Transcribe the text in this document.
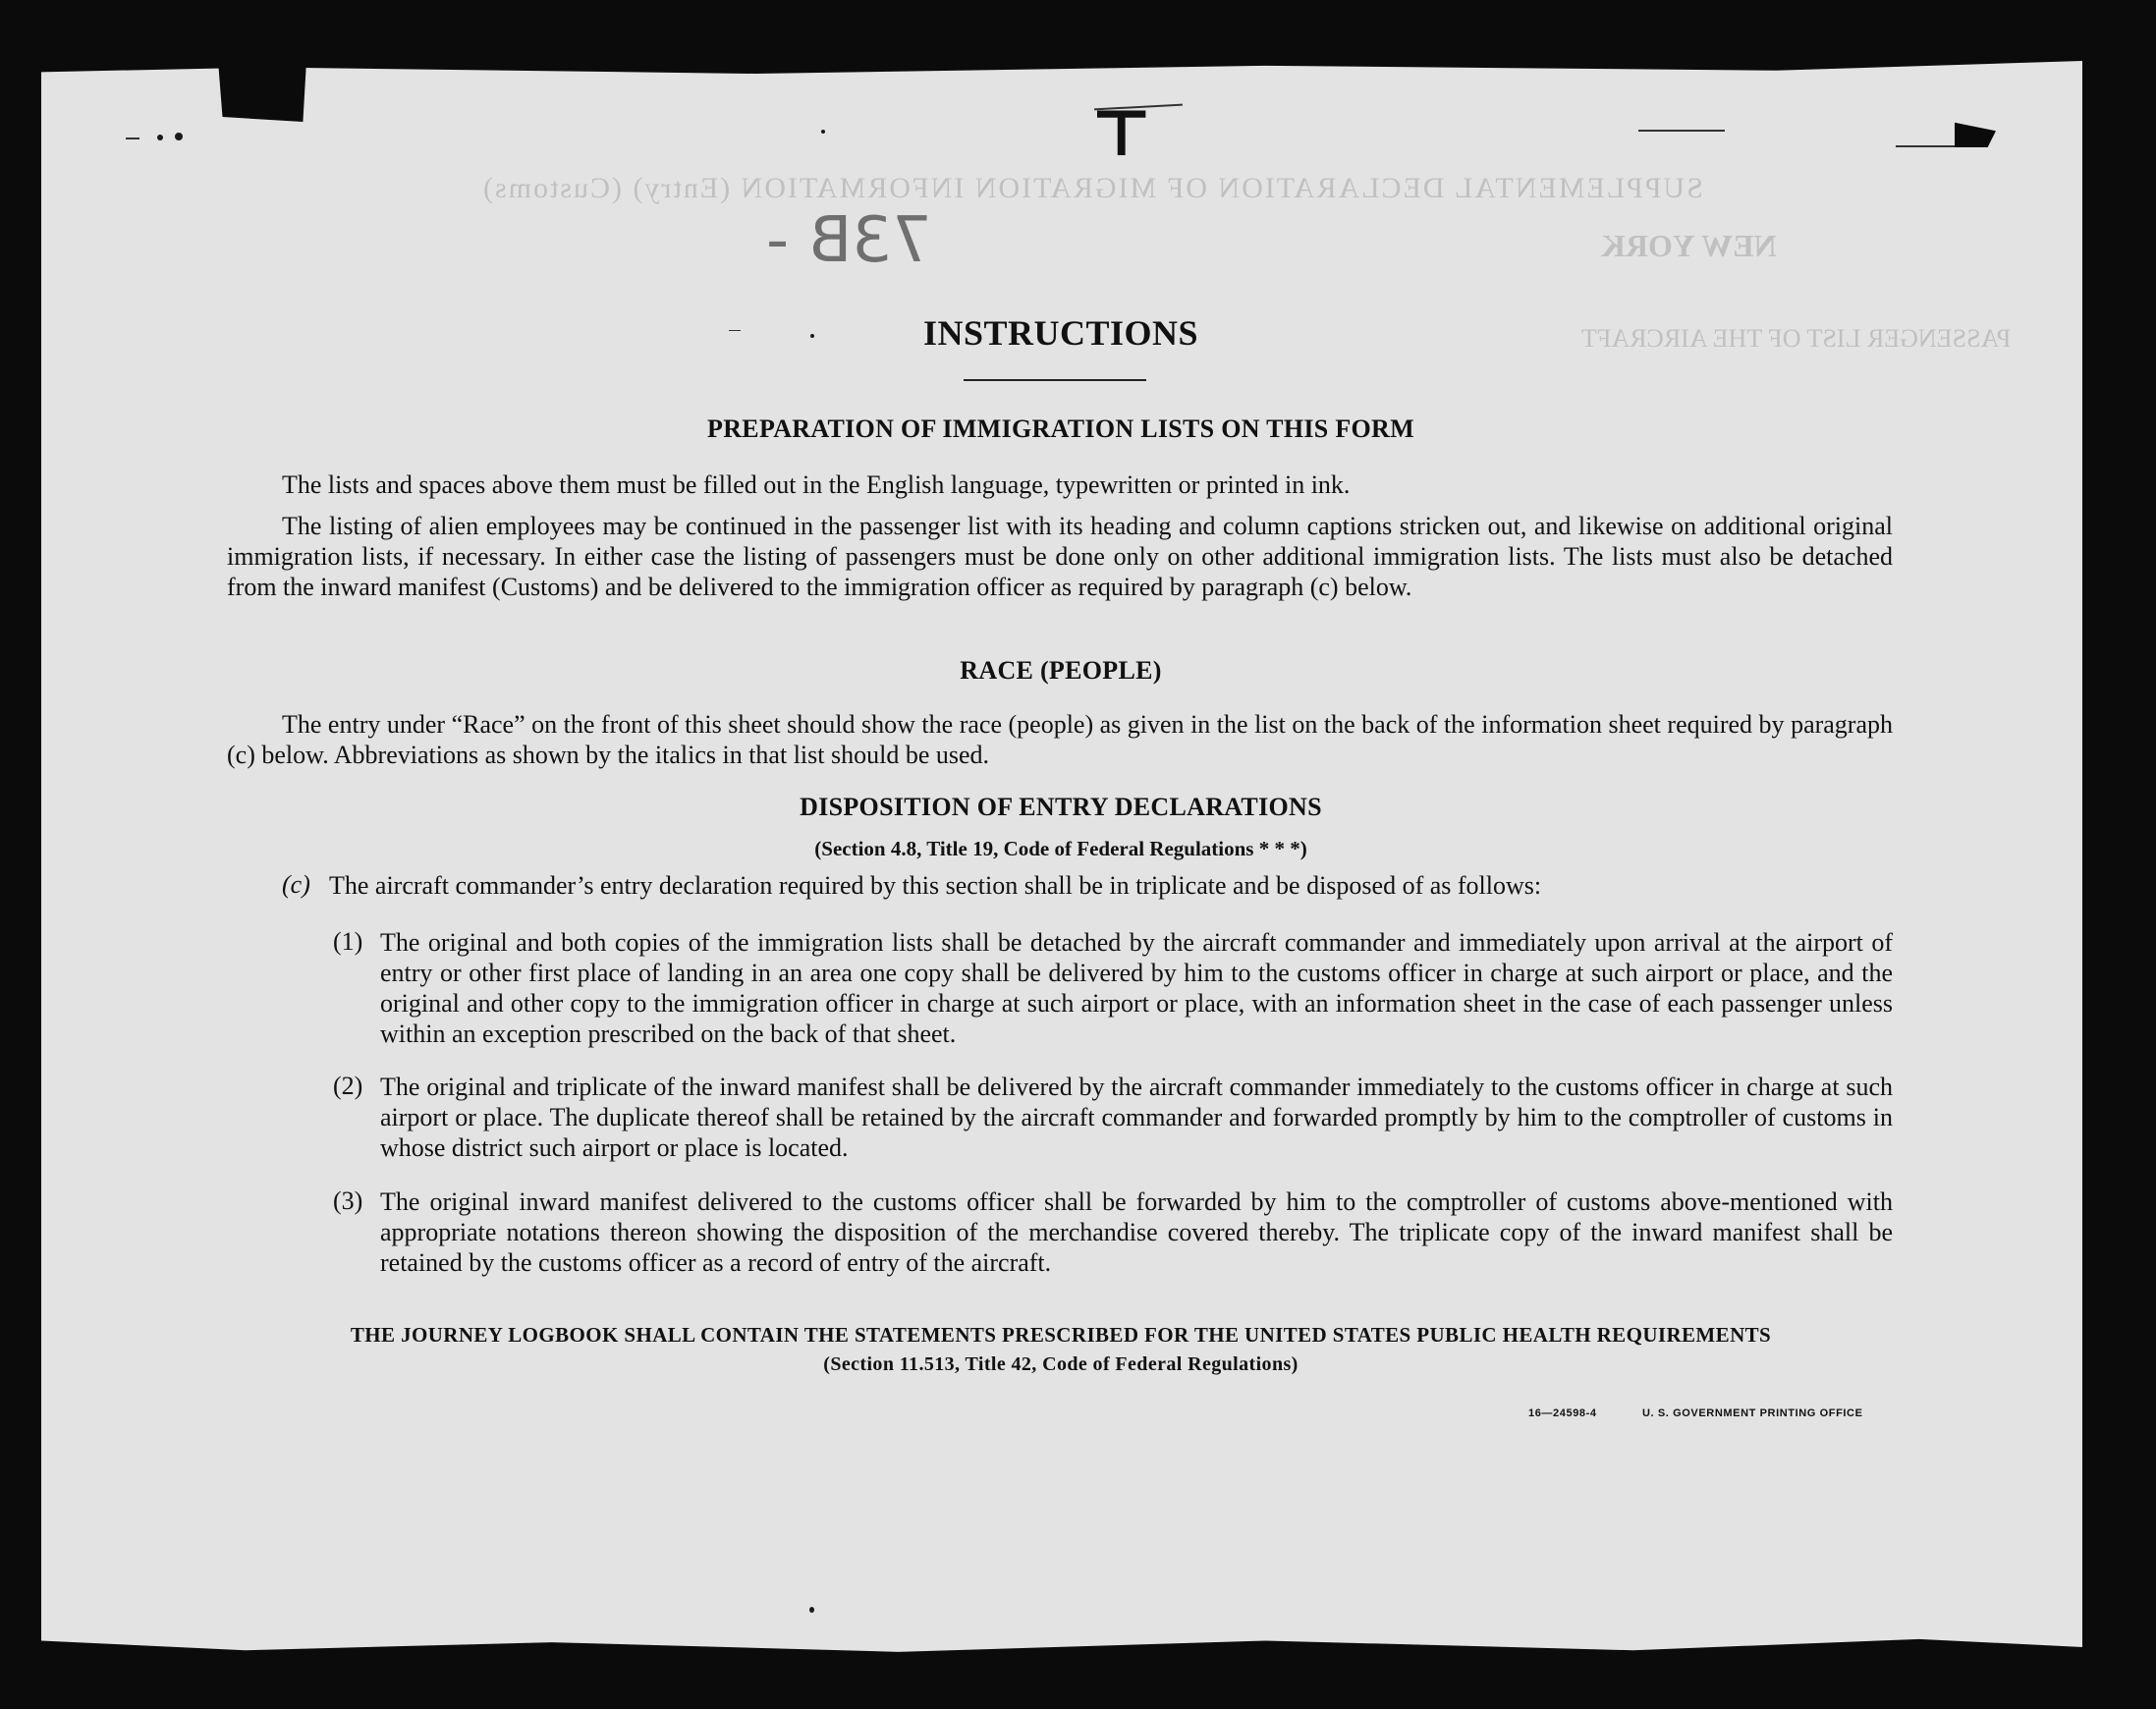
⊤
SUPPLEMENTAL DECLARATION OF MIGRATION INFORMATION (Entry) (Customs)
NEW YORK
PASSENGER LIST OF THE AIRCRAFT
73B -
INSTRUCTIONS
PREPARATION OF IMMIGRATION LISTS ON THIS FORM
The lists and spaces above them must be filled out in the English language, typewritten or printed in ink.
The listing of alien employees may be continued in the passenger list with its heading and column captions stricken out, and likewise on additional original immigration lists, if necessary. In either case the listing of passengers must be done only on other additional immigration lists. The lists must also be detached from the inward manifest (Customs) and be delivered to the immigration officer as required by paragraph (c) below.
RACE (PEOPLE)
The entry under “Race” on the front of this sheet should show the race (people) as given in the list on the back of the information sheet required by paragraph (c) below. Abbreviations as shown by the italics in that list should be used.
DISPOSITION OF ENTRY DECLARATIONS
(Section 4.8, Title 19, Code of Federal Regulations * * *)
(c) The aircraft commander’s entry declaration required by this section shall be in triplicate and be disposed of as follows:
(1) The original and both copies of the immigration lists shall be detached by the aircraft commander and immediately upon arrival at the airport of entry or other first place of landing in an area one copy shall be delivered by him to the customs officer in charge at such airport or place, and the original and other copy to the immigration officer in charge at such airport or place, with an information sheet in the case of each passenger unless within an exception prescribed on the back of that sheet.
(2) The original and triplicate of the inward manifest shall be delivered by the aircraft commander immediately to the customs officer in charge at such airport or place. The duplicate thereof shall be retained by the aircraft commander and forwarded promptly by him to the comptroller of customs in whose district such airport or place is located.
(3) The original inward manifest delivered to the customs officer shall be forwarded by him to the comptroller of customs above-mentioned with appropriate notations thereon showing the disposition of the merchandise covered thereby. The triplicate copy of the inward manifest shall be retained by the customs officer as a record of entry of the aircraft.
THE JOURNEY LOGBOOK SHALL CONTAIN THE STATEMENTS PRESCRIBED FOR THE UNITED STATES PUBLIC HEALTH REQUIREMENTS
(Section 11.513, Title 42, Code of Federal Regulations)
16—24598-4	U. S. GOVERNMENT PRINTING OFFICE
